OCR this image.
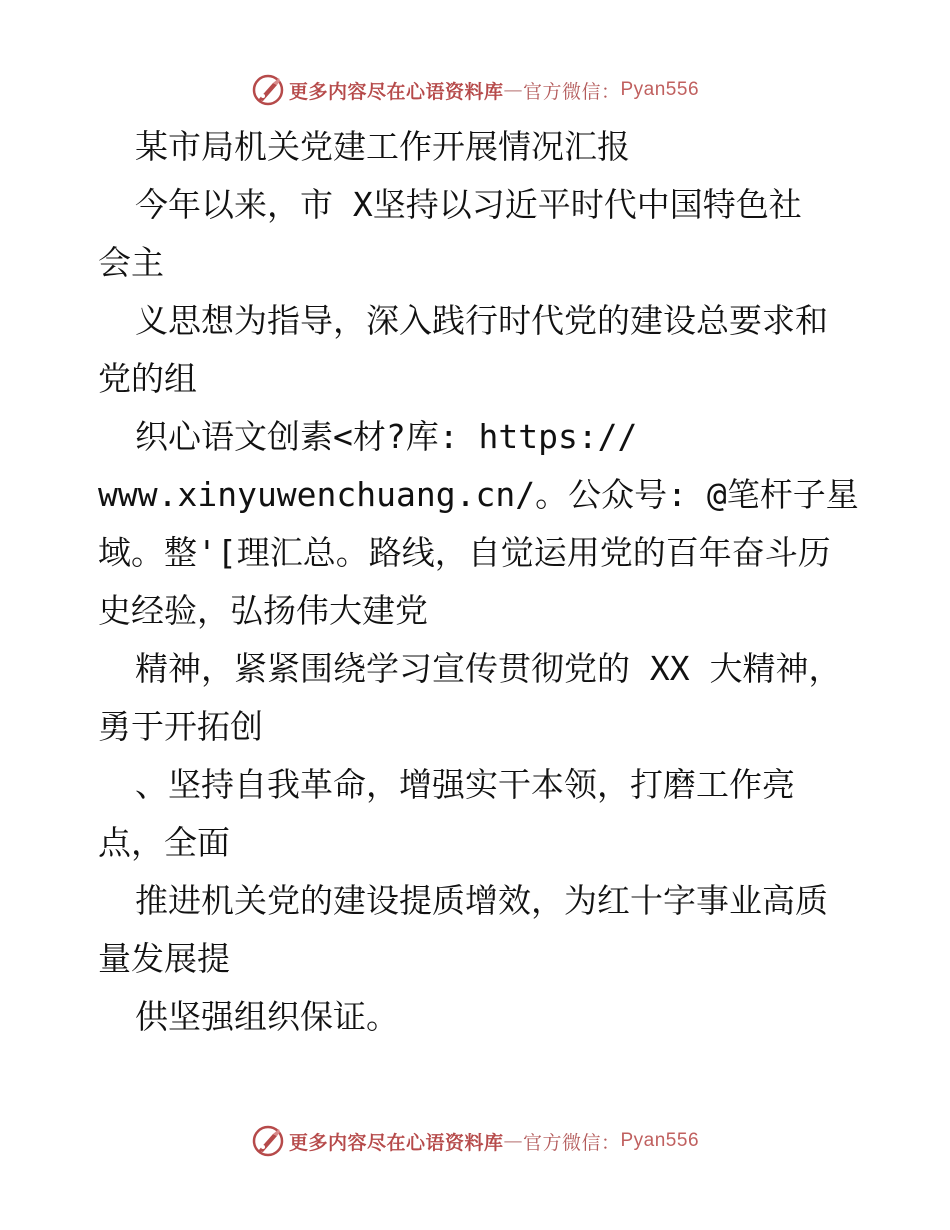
更多内容尽在心语资料库 — 官方微信： Pyan556
某市局机关党建工作开展情况汇报
今年以来，市 X坚持以习近平时代中国特色社
会主
义思想为指导，深入践行时代党的建设总要求和
党的组
织心语文创素<材?库: https://
www.xinyuwenchuang.cn/。公众号: @笔杆子星
域。整'[理汇总。路线，自觉运用党的百年奋斗历
史经验，弘扬伟大建党
精神，紧紧围绕学习宣传贯彻党的 XX 大精神，
勇于开拓创
、坚持自我革命，增强实干本领，打磨工作亮
点，全面
推进机关党的建设提质增效，为红十字事业高质
量发展提
供坚强组织保证。
更多内容尽在心语资料库 — 官方微信： Pyan556
